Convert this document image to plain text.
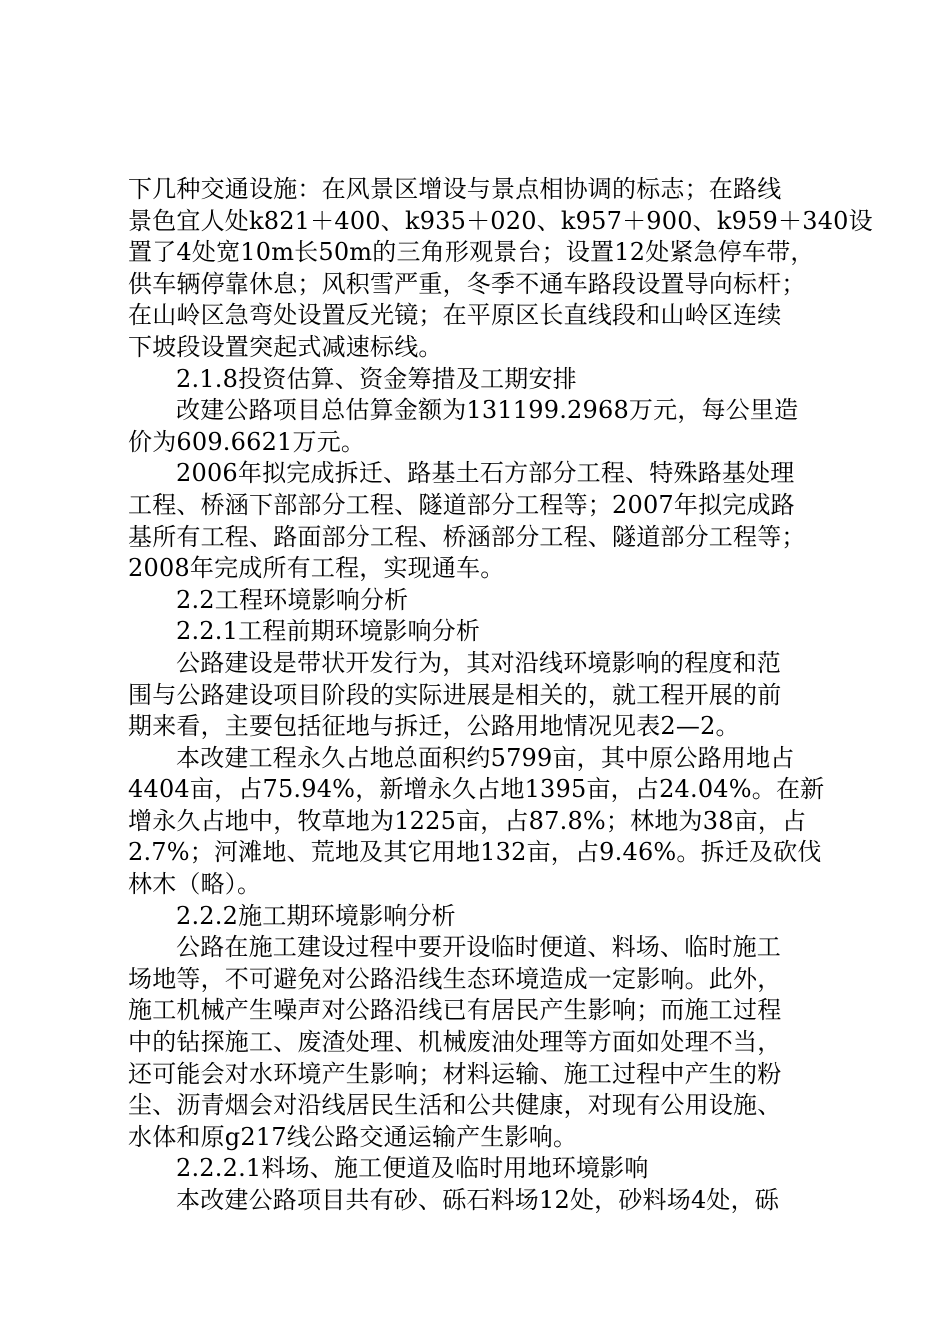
下几种交通设施：在风景区增设与景点相协调的标志；在路线
景色宜人处k821＋400、k935＋020、k957＋900、k959＋340设
置了4处宽10m长50m的三角形观景台；设置12处紧急停车带，
供车辆停靠休息；风积雪严重，冬季不通车路段设置导向标杆；
在山岭区急弯处设置反光镜；在平原区长直线段和山岭区连续
下坡段设置突起式减速标线。
2.1.8投资估算、资金筹措及工期安排
改建公路项目总估算金额为131199.2968万元，每公里造
价为609.6621万元。
2006年拟完成拆迁、路基土石方部分工程、特殊路基处理
工程、桥涵下部部分工程、隧道部分工程等；2007年拟完成路
基所有工程、路面部分工程、桥涵部分工程、隧道部分工程等；
2008年完成所有工程，实现通车。
2.2工程环境影响分析
2.2.1工程前期环境影响分析
公路建设是带状开发行为，其对沿线环境影响的程度和范
围与公路建设项目阶段的实际进展是相关的，就工程开展的前
期来看，主要包括征地与拆迁，公路用地情况见表2—2。
本改建工程永久占地总面积约5799亩，其中原公路用地占
4404亩，占75.94%，新增永久占地1395亩，占24.04%。在新
增永久占地中，牧草地为1225亩，占87.8%；林地为38亩，占
2.7%；河滩地、荒地及其它用地132亩，占9.46%。拆迁及砍伐
林木（略）。
2.2.2施工期环境影响分析
公路在施工建设过程中要开设临时便道、料场、临时施工
场地等，不可避免对公路沿线生态环境造成一定影响。此外，
施工机械产生噪声对公路沿线已有居民产生影响；而施工过程
中的钻探施工、废渣处理、机械废油处理等方面如处理不当，
还可能会对水环境产生影响；材料运输、施工过程中产生的粉
尘、沥青烟会对沿线居民生活和公共健康，对现有公用设施、
水体和原g217线公路交通运输产生影响。
2.2.2.1料场、施工便道及临时用地环境影响
本改建公路项目共有砂、砾石料场12处，砂料场4处，砾
